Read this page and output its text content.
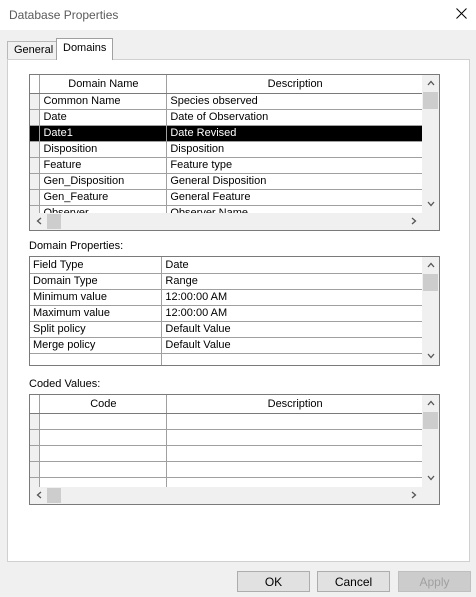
Database Properties
General Domains
	Domain Name	Description
	Common Name	Species observed
	Date	Date of Observation
	Date1	Date Revised
	Disposition	Disposition
	Feature	Feature type
	Gen_Disposition	General Disposition
	Gen_Feature	General Feature

Domain Properties:
Field Type	Date
Domain Type	Range
Minimum value	12:00:00 AM
Maximum value	12:00:00 AM
Split policy	Default Value
Merge policy	Default Value

Coded Values:
	Code	Description

OK	Cancel	Apply
